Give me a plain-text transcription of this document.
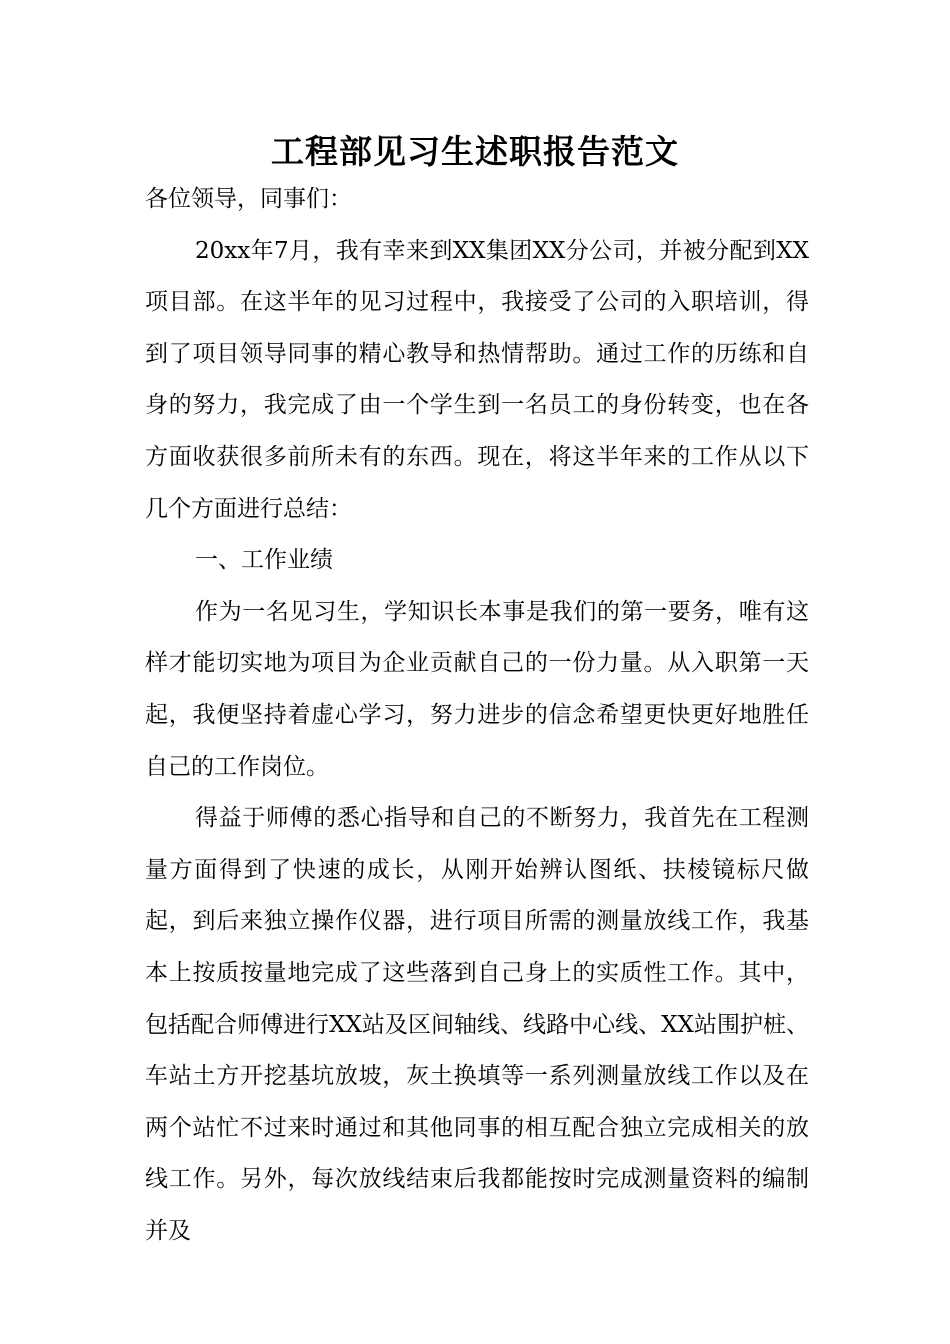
工程部见习生述职报告范文

各位领导，同事们：

20xx年7月，我有幸来到XX集团XX分公司，并被分配到XX项目部。在这半年的见习过程中，我接受了公司的入职培训，得到了项目领导同事的精心教导和热情帮助。通过工作的历练和自身的努力，我完成了由一个学生到一名员工的身份转变，也在各方面收获很多前所未有的东西。现在，将这半年来的工作从以下几个方面进行总结：

一、工作业绩

作为一名见习生，学知识长本事是我们的第一要务，唯有这样才能切实地为项目为企业贡献自己的一份力量。从入职第一天起，我便坚持着虚心学习，努力进步的信念希望更快更好地胜任自己的工作岗位。

得益于师傅的悉心指导和自己的不断努力，我首先在工程测量方面得到了快速的成长，从刚开始辨认图纸、扶棱镜标尺做起，到后来独立操作仪器，进行项目所需的测量放线工作，我基本上按质按量地完成了这些落到自己身上的实质性工作。其中，包括配合师傅进行XX站及区间轴线、线路中心线、XX站围护桩、车站土方开挖基坑放坡，灰土换填等一系列测量放线工作以及在两个站忙不过来时通过和其他同事的相互配合独立完成相关的放线工作。另外，每次放线结束后我都能按时完成测量资料的编制并及
